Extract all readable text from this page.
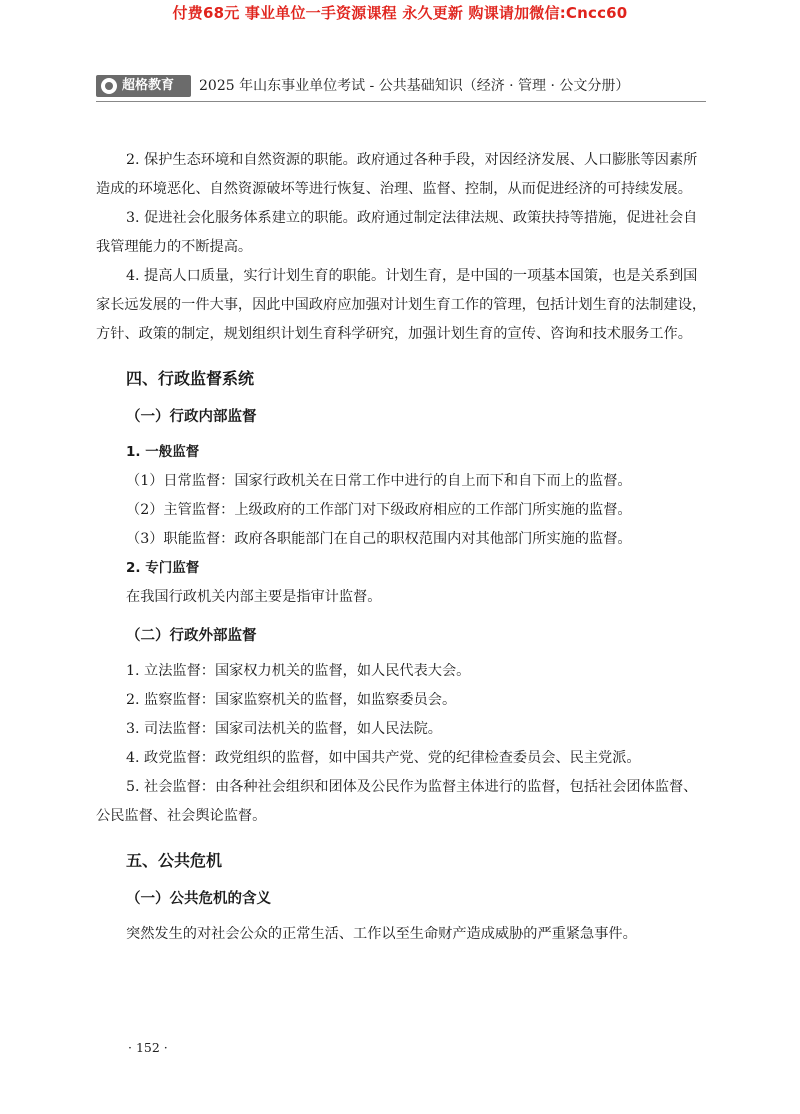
付费68元 事业单位一手资源课程 永久更新 购课请加微信:Cncc60
超格教育	2025 年山东事业单位考试 - 公共基础知识（经济 · 管理 · 公文分册）

2. 保护生态环境和自然资源的职能。政府通过各种手段，对因经济发展、人口膨胀等因素所造成的环境恶化、自然资源破坏等进行恢复、治理、监督、控制，从而促进经济的可持续发展。

3. 促进社会化服务体系建立的职能。政府通过制定法律法规、政策扶持等措施，促进社会自我管理能力的不断提高。

4. 提高人口质量，实行计划生育的职能。计划生育，是中国的一项基本国策，也是关系到国家长远发展的一件大事，因此中国政府应加强对计划生育工作的管理，包括计划生育的法制建设，方针、政策的制定，规划组织计划生育科学研究，加强计划生育的宣传、咨询和技术服务工作。

四、行政监督系统

（一）行政内部监督

1. 一般监督

（1）日常监督：国家行政机关在日常工作中进行的自上而下和自下而上的监督。

（2）主管监督：上级政府的工作部门对下级政府相应的工作部门所实施的监督。

（3）职能监督：政府各职能部门在自己的职权范围内对其他部门所实施的监督。

2. 专门监督

在我国行政机关内部主要是指审计监督。

（二）行政外部监督

1. 立法监督：国家权力机关的监督，如人民代表大会。

2. 监察监督：国家监察机关的监督，如监察委员会。

3. 司法监督：国家司法机关的监督，如人民法院。

4. 政党监督：政党组织的监督，如中国共产党、党的纪律检查委员会、民主党派。

5. 社会监督：由各种社会组织和团体及公民作为监督主体进行的监督，包括社会团体监督、公民监督、社会舆论监督。

五、公共危机

（一）公共危机的含义

突然发生的对社会公众的正常生活、工作以至生命财产造成威胁的严重紧急事件。

· 152 ·
